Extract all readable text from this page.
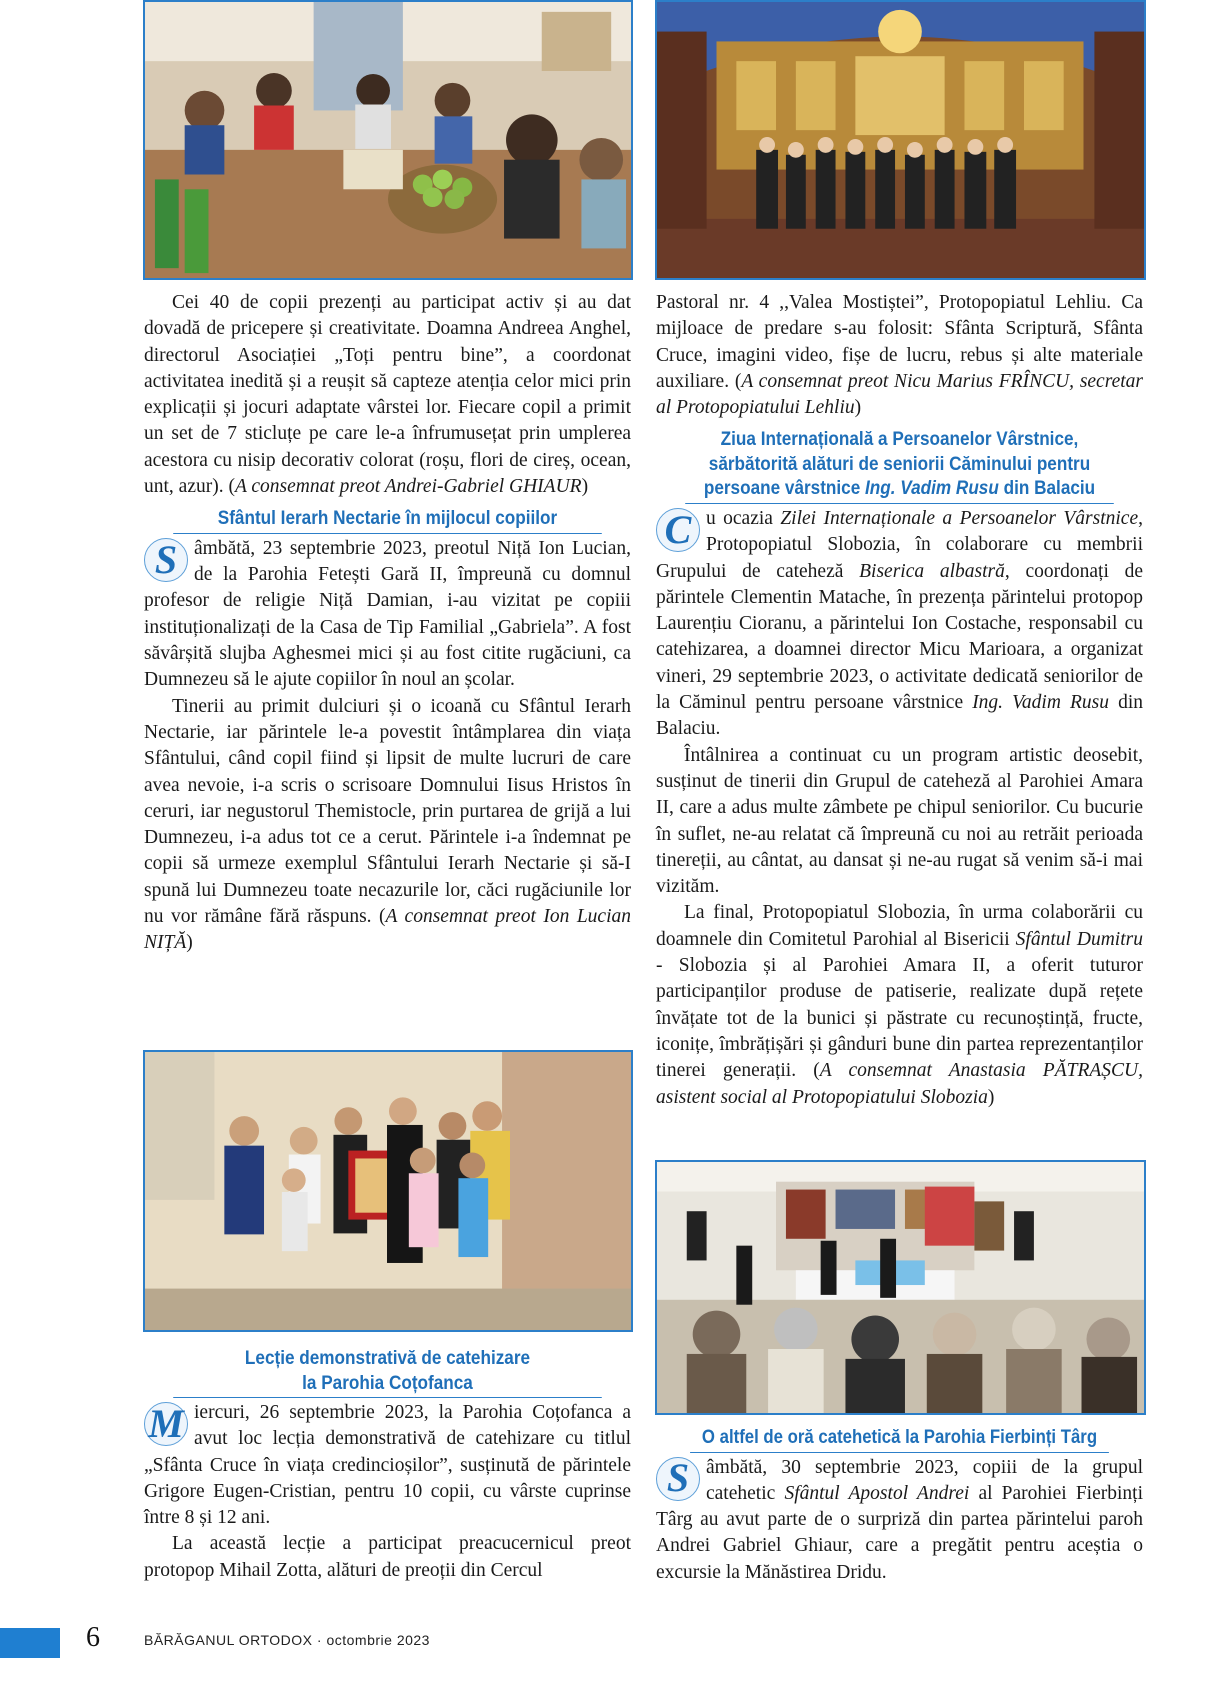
Cei 40 de copii prezenți au participat activ și au dat dovadă de pricepere și creativitate. Doamna Andreea Anghel, directorul Asociației „Toți pentru bine”, a coordonat activitatea inedită și a reușit să capteze atenția celor mici prin explicații și jocuri adaptate vârstei lor. Fiecare copil a primit un set de 7 sticluțe pe care le-a înfrumusețat prin umplerea acestora cu nisip decorativ colorat (roșu, flori de cireș, ocean, unt, azur). (A consemnat preot Andrei-Gabriel GHIAUR)

Sfântul Ierarh Nectarie în mijlocul copiilor

S âmbătă, 23 septembrie 2023, preotul Niță Ion Lucian, de la Parohia Fetești Gară II, împreună cu domnul profesor de religie Niță Damian, i-au vizitat pe copiii instituționalizați de la Casa de Tip Familial „Gabriela”. A fost săvârșită slujba Aghesmei mici și au fost citite rugăciuni, ca Dumnezeu să le ajute copiilor în noul an școlar.

Tinerii au primit dulciuri și o icoană cu Sfântul Ierarh Nectarie, iar părintele le-a povestit întâmplarea din viața Sfântului, când copil fiind și lipsit de multe lucruri de care avea nevoie, i-a scris o scrisoare Domnului Iisus Hristos în ceruri, iar negustorul Themistocle, prin purtarea de grijă a lui Dumnezeu, i-a adus tot ce a cerut. Părintele i-a îndemnat pe copii să urmeze exemplul Sfântului Ierarh Nectarie și să-I spună lui Dumnezeu toate necazurile lor, căci rugăciunile lor nu vor rămâne fără răspuns. (A consemnat preot Ion Lucian NIȚĂ)

Lecție demonstrativă de catehizare
la Parohia Coțofanca

M iercuri, 26 septembrie 2023, la Parohia Coțofanca a avut loc lecția demonstrativă de catehizare cu titlul „Sfânta Cruce în viața credincioșilor”, susținută de părintele Grigore Eugen-Cristian, pentru 10 copii, cu vârste cuprinse între 8 și 12 ani.

La această lecție a participat preacucernicul preot protopop Mihail Zotta, alături de preoții din Cercul

Pastoral nr. 4 ,,Valea Mostiștei”, Protopopiatul Lehliu. Ca mijloace de predare s-au folosit: Sfânta Scriptură, Sfânta Cruce, imagini video, fișe de lucru, rebus și alte materiale auxiliare. (A consemnat preot Nicu Marius FRÎNCU, secretar al Protopopiatului Lehliu)

Ziua Internațională a Persoanelor Vârstnice,
sărbătorită alături de seniorii Căminului pentru
persoane vârstnice Ing. Vadim Rusu din Balaciu

C u ocazia Zilei Internaționale a Persoanelor Vârstnice, Protopopiatul Slobozia, în colaborare cu membrii Grupului de cateheză Biserica albastră, coordonați de părintele Clementin Matache, în prezența părintelui protopop Laurențiu Cioranu, a părintelui Ion Costache, responsabil cu catehizarea, a doamnei director Micu Marioara, a organizat vineri, 29 septembrie 2023, o activitate dedicată seniorilor de la Căminul pentru persoane vârstnice Ing. Vadim Rusu din Balaciu.

Întâlnirea a continuat cu un program artistic deosebit, susținut de tinerii din Grupul de cateheză al Parohiei Amara II, care a adus multe zâmbete pe chipul seniorilor. Cu bucurie în suflet, ne-au relatat că împreună cu noi au retrăit perioada tinereții, au cântat, au dansat și ne-au rugat să venim să-i mai vizităm.

La final, Protopopiatul Slobozia, în urma colaborării cu doamnele din Comitetul Parohial al Bisericii Sfântul Dumitru - Slobozia și al Parohiei Amara II, a oferit tuturor participanților produse de patiserie, realizate după rețete învățate tot de la bunici și păstrate cu recunoștință, fructe, iconițe, îmbrățișări și gânduri bune din partea reprezentanților tinerei generații. (A consemnat Anastasia PĂTRAȘCU, asistent social al Protopopiatului Slobozia)

O altfel de oră catehetică la Parohia Fierbinți Târg

S âmbătă, 30 septembrie 2023, copiii de la grupul catehetic Sfântul Apostol Andrei al Parohiei Fierbinți Târg au avut parte de o surpriză din partea părintelui paroh Andrei Gabriel Ghiaur, care a pregătit pentru aceștia o excursie la Mănăstirea Dridu.

6	BĂRĂGANUL ORTODOX · octombrie 2023
